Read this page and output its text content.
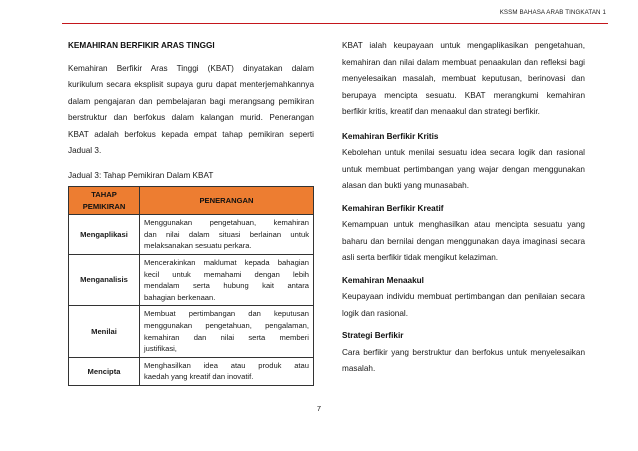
KSSM BAHASA ARAB TINGKATAN 1
KEMAHIRAN BERFIKIR ARAS TINGGI
Kemahiran Berfikir Aras Tinggi (KBAT) dinyatakan dalam
kurikulum secara eksplisit supaya guru dapat menterjemahkannya
dalam pengajaran dan pembelajaran bagi merangsang pemikiran
berstruktur dan berfokus dalam kalangan murid. Penerangan
KBAT adalah berfokus kepada empat tahap pemikiran seperti
Jadual 3.
Jadual 3: Tahap Pemikiran Dalam KBAT
TAHAP PEMIKIRAN	PENERANGAN
Mengaplikasi	Menggunakan pengetahuan, kemahiran
dan nilai dalam situasi berlainan untuk
melaksanakan sesuatu perkara.

Menganalisis	Mencerakinkan maklumat kepada bahagian
kecil untuk memahami dengan lebih
mendalam serta hubung kait antara
bahagian berkenaan.

Menilai	Membuat pertimbangan dan keputusan
menggunakan pengetahuan, pengalaman,
kemahiran dan nilai serta memberi
justifikasi,

Mencipta	Menghasilkan idea atau produk atau
kaedah yang kreatif dan inovatif.
KBAT ialah keupayaan untuk mengaplikasikan pengetahuan,
kemahiran dan nilai dalam membuat penaakulan dan refleksi bagi
menyelesaikan masalah, membuat keputusan, berinovasi dan
berupaya mencipta sesuatu. KBAT merangkumi kemahiran
berfikir kritis, kreatif dan menaakul dan strategi berfikir.
Kemahiran Berfikir Kritis
Kebolehan untuk menilai sesuatu idea secara logik dan rasional
untuk membuat pertimbangan yang wajar dengan menggunakan
alasan dan bukti yang munasabah.
Kemahiran Berfikir Kreatif
Kemampuan untuk menghasilkan atau mencipta sesuatu yang
baharu dan bernilai dengan menggunakan daya imaginasi secara
asli serta berfikir tidak mengikut kelaziman.
Kemahiran Menaakul
Keupayaan individu membuat pertimbangan dan penilaian secara
logik dan rasional.
Strategi Berfikir
Cara berfikir yang berstruktur dan berfokus untuk menyelesaikan
masalah.
7
